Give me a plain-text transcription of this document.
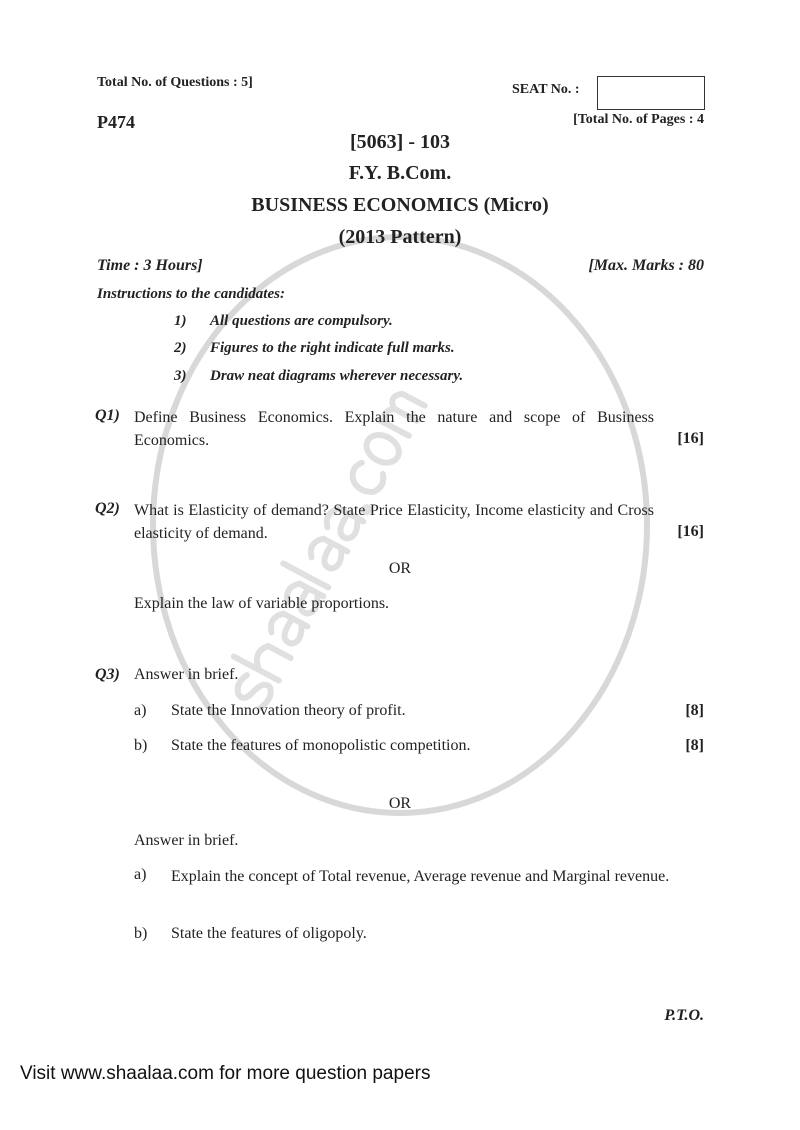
Total No. of Questions : 5]	SEAT No. :
P474	[Total No. of Pages : 4
[5063] - 103
F.Y. B.Com.
BUSINESS ECONOMICS (Micro)
(2013 Pattern)
Time : 3 Hours]	[Max. Marks : 80
Instructions to the candidates:
1) All questions are compulsory.
2) Figures to the right indicate full marks.
3) Draw neat diagrams wherever necessary.
Q1) Define Business Economics. Explain the nature and scope of Business Economics.	[16]
Q2) What is Elasticity of demand? State Price Elasticity, Income elasticity and Cross elasticity of demand.	[16]
OR
Explain the law of variable proportions.
Q3) Answer in brief.
a) State the Innovation theory of profit.	[8]
b) State the features of monopolistic competition.	[8]
OR
Answer in brief.
a) Explain the concept of Total revenue, Average revenue and Marginal revenue.
b) State the features of oligopoly.
P.T.O.
Visit www.shaalaa.com for more question papers
